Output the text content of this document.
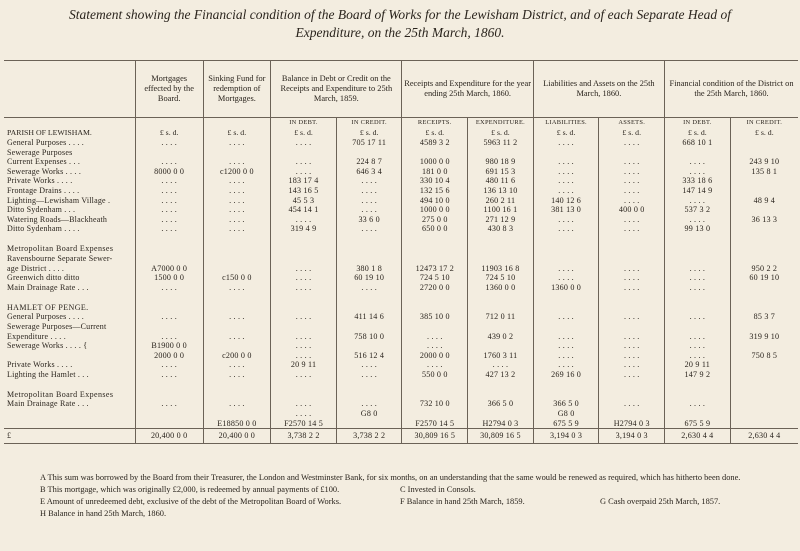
Statement showing the Financial condition of the Board of Works for the Lewisham District, and of each Separate Head of
Expenditure, on the 25th March, 1860.
	Mortgages effected by the Board.	Sinking Fund for redemption of Mortgages.	Balance in Debt or Credit on the Receipts and Expenditure to 25th March, 1859.		Receipts and Expenditure for the year ending 25th March, 1860.		Liabilities and Assets on the 25th March, 1860.		Financial condition of the District on the 25th March, 1860.	
			IN DEBT.	IN CREDIT.	RECEIPTS.	EXPENDITURE.	LIABILITIES.	ASSETS.	IN DEBT.	IN CREDIT.
PARISH OF LEWISHAM.	£ s. d.	£ s. d.	£ s. d.	£ s. d.	£ s. d.	£ s. d.	£ s. d.	£ s. d.	£ s. d.	£ s. d.
General Purposes . . . .	. . . .	. . . .	. . . .	705 17 11	4589 3 2	5963 11 2	. . . .	. . . .	668 10 1	
Sewerage Purposes										
Current Expenses . . .	. . . .	. . . .	. . . .	224 8 7	1000 0 0	980 18 9	. . . .	. . . .	. . . .	243 9 10
Sewerage Works . . . .	8000 0 0	c1200 0 0	. . . .	646 3 4	181 0 0	691 15 3	. . . .	. . . .	. . . .	135 8 1
Private Works . . . .	. . . .	. . . .	183 17 4	. . . .	330 10 4	480 11 6	. . . .	. . . .	333 18 6	
Frontage Drains . . . .	. . . .	. . . .	143 16 5	. . . .	132 15 6	136 13 10	. . . .	. . . .	147 14 9	
Lighting—Lewisham Village .	. . . .	. . . .	45 5 3	. . . .	494 10 0	260 2 11	140 12 6	. . . .	. . . .	48 9 4
Ditto Sydenham . . .	. . . .	. . . .	454 14 1	. . . .	1000 0 0	1100 16 1	381 13 0	400 0 0	537 3 2	
Watering Roads—Blackheath	. . . .	. . . .	. . . .	33 6 0	275 0 0	271 12 9	. . . .	. . . .	. . . .	36 13 3
Ditto Sydenham . . . .	. . . .	. . . .	319 4 9	. . . .	650 0 0	430 8 3	. . . .	. . . .	99 13 0	
Metropolitan Board Expenses										
Ravensbourne Separate Sewer-										
age District . . . .	A7000 0 0		. . . .	380 1 8	12473 17 2	11903 16 8	. . . .	. . . .	. . . .	950 2 2
Greenwich ditto ditto	1500 0 0	c150 0 0	. . . .	60 19 10	724 5 10	724 5 10	. . . .	. . . .	. . . .	60 19 10
Main Drainage Rate . . .	. . . .	. . . .	. . . .	. . . .	2720 0 0	1360 0 0	1360 0 0	. . . .	. . . .	
HAMLET OF PENGE.										
General Purposes . . . .	. . . .	. . . .	. . . .	411 14 6	385 10 0	712 0 11	. . . .	. . . .	. . . .	85 3 7
Sewerage Purposes—Current										
Expenditure . . . .	. . . .	. . . .	. . . .	758 10 0	. . . .	439 0 2	. . . .	. . . .	. . . .	319 9 10
Sewerage Works . . . . {	B1900 0 0		. . . .		. . . .		. . . .	. . . .	. . . .	
	2000 0 0	c200 0 0	. . . .	516 12 4	2000 0 0	1760 3 11	. . . .	. . . .	. . . .	750 8 5
Private Works . . . .	. . . .	. . . .	20 9 11	. . . .	. . . .	. . . .	. . . .	. . . .	20 9 11	
Lighting the Hamlet . . .	. . . .	. . . .	. . . .	. . . .	550 0 0	427 13 2	269 16 0	. . . .	147 9 2	
Metropolitan Board Expenses										
Main Drainage Rate . . .	. . . .	. . . .	. . . .	. . . .	732 10 0	366 5 0	366 5 0	. . . .	. . . .	
			. . . .	G8 0			G8 0			
		E18850 0 0	F2570 14 5		F2570 14 5	H2794 0 3	675 5 9	H2794 0 3	675 5 9	
£	20,400 0 0	20,400 0 0	3,738 2 2	3,738 2 2	30,809 16 5	30,809 16 5	3,194 0 3	3,194 0 3	2,630 4 4	2,630 4 4
A This sum was borrowed by the Board from their Treasurer, the London and Westminster Bank, for six months, on an understanding that the same would be renewed as required, which has hitherto been done.
B This mortgage, which was originally £2,000, is redeemed by annual payments of £100.	C Invested in Consols.
E Amount of unredeemed debt, exclusive of the debt of the Metropolitan Board of Works.	F Balance in hand 25th March, 1859.	G Cash overpaid 25th March, 1857.
H Balance in hand 25th March, 1860.
